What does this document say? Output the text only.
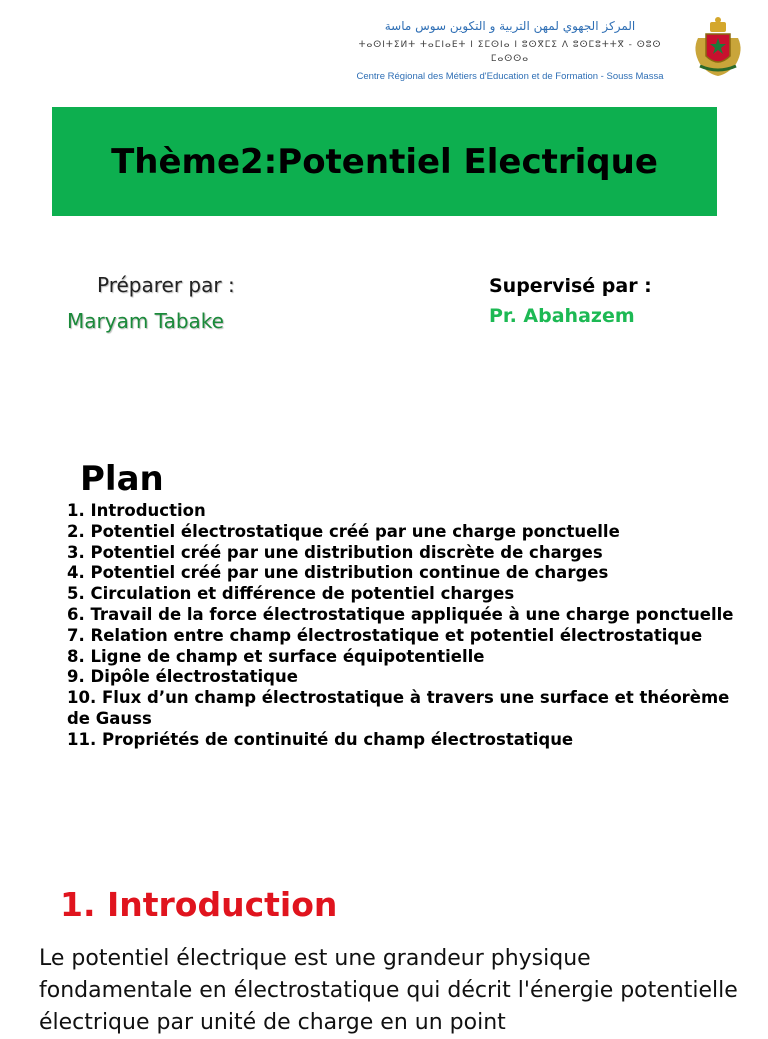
المركز الجهوي لمهن التربية و التكوين سوس ماسة
ⵜⴰⵙⵏⵜⵉⵍⵜ ⵜⴰⵎⵏⴰⴹⵜ ⵏ ⵉⵎⵙⵏⴰ ⵏ ⵓⵙⴳⵎⵉ ⴷ ⵓⵙⵎⵓⵜⵜⴳ - ⵙⵓⵙ ⵎⴰⵙⵙⴰ
Centre Régional des Métiers d'Education et de Formation - Souss Massa
Thème2:Potentiel Electrique
Préparer par :
Maryam Tabake
Supervisé par :
Pr. Abahazem
Plan
1. Introduction
2. Potentiel électrostatique créé par une charge ponctuelle
3. Potentiel créé par une distribution discrète de charges
4. Potentiel créé par une distribution continue de charges
5. Circulation et différence de potentiel charges
6. Travail de la force électrostatique appliquée à une charge ponctuelle
7. Relation entre champ électrostatique et potentiel électrostatique
8. Ligne de champ et surface équipotentielle
9. Dipôle électrostatique
10. Flux d’un champ électrostatique à travers une surface et théorème de Gauss
11. Propriétés de continuité du champ électrostatique
1. Introduction
Le potentiel électrique est une grandeur physique fondamentale en électrostatique qui décrit l'énergie potentielle électrique par unité de charge en un point
